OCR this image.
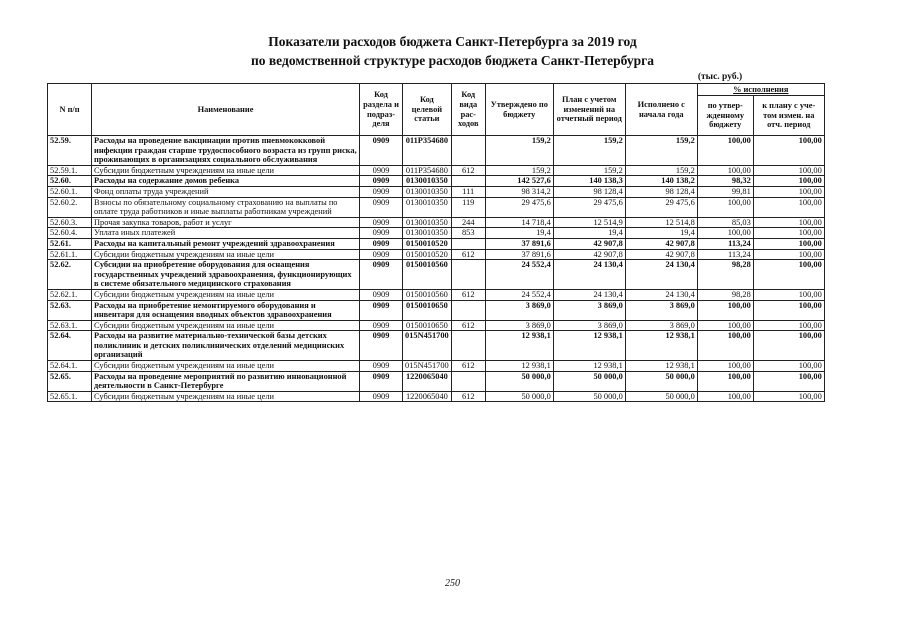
Показатели расходов бюджета Санкт-Петербурга за 2019 год
по ведомственной структуре расходов бюджета Санкт-Петербурга
(тыс. руб.)
N п/п	Наименование	Код раздела и подраз- деля	Код целевой статьи	Код вида рас- ходов	Утверждено по бюджету	План с учетом изменений на отчетный период	Исполнено с начала года	% исполнения	
								по утвер- жденному бюджету	к плану с уче- том измен. на отч. период
52.59.	Расходы на проведение вакцинации против пневмококковой инфекции граждан старше трудоспособного возраста из групп риска, проживающих в организациях социального обслуживания	0909	011P354680		159,2	159,2	159,2	100,00	100,00
52.59.1.	Субсидии бюджетным учреждениям на иные цели	0909	011P354680	612	159,2	159,2	159,2	100,00	100,00
52.60.	Расходы на содержание домов ребенка	0909	0130010350		142 527,6	140 138,3	140 138,2	98,32	100,00
52.60.1.	Фонд оплаты труда учреждений	0909	0130010350	111	98 314,2	98 128,4	98 128,4	99,81	100,00
52.60.2.	Взносы по обязательному социальному страхованию на выплаты по оплате труда работников и иные выплаты работникам учреждений	0909	0130010350	119	29 475,6	29 475,6	29 475,6	100,00	100,00
52.60.3.	Прочая закупка товаров, работ и услуг	0909	0130010350	244	14 718,4	12 514,9	12 514,8	85,03	100,00
52.60.4.	Уплата иных платежей	0909	0130010350	853	19,4	19,4	19,4	100,00	100,00
52.61.	Расходы на капитальный ремонт учреждений здравоохранения	0909	0150010520		37 891,6	42 907,8	42 907,8	113,24	100,00
52.61.1.	Субсидии бюджетным учреждениям на иные цели	0909	0150010520	612	37 891,6	42 907,8	42 907,8	113,24	100,00
52.62.	Субсидии на приобретение оборудования для оснащения государственных учреждений здравоохранения, функционирующих в системе обязательного медицинского страхования	0909	0150010560		24 552,4	24 130,4	24 130,4	98,28	100,00
52.62.1.	Субсидии бюджетным учреждениям на иные цели	0909	0150010560	612	24 552,4	24 130,4	24 130,4	98,28	100,00
52.63.	Расходы на приобретение немонтируемого оборудования и инвентаря для оснащения вводных объектов здравоохранения	0909	0150010650		3 869,0	3 869,0	3 869,0	100,00	100,00
52.63.1.	Субсидии бюджетным учреждениям на иные цели	0909	0150010650	612	3 869,0	3 869,0	3 869,0	100,00	100,00
52.64.	Расходы на развитие материально-технической базы детских поликлиник и детских поликлинических отделений медицинских организаций	0909	015N451700		12 938,1	12 938,1	12 938,1	100,00	100,00
52.64.1.	Субсидии бюджетным учреждениям на иные цели	0909	015N451700	612	12 938,1	12 938,1	12 938,1	100,00	100,00
52.65.	Расходы на проведение мероприятий по развитию инновационной деятельности в Санкт-Петербурге	0909	1220065040		50 000,0	50 000,0	50 000,0	100,00	100,00
52.65.1.	Субсидии бюджетным учреждениям на иные цели	0909	1220065040	612	50 000,0	50 000,0	50 000,0	100,00	100,00
250
